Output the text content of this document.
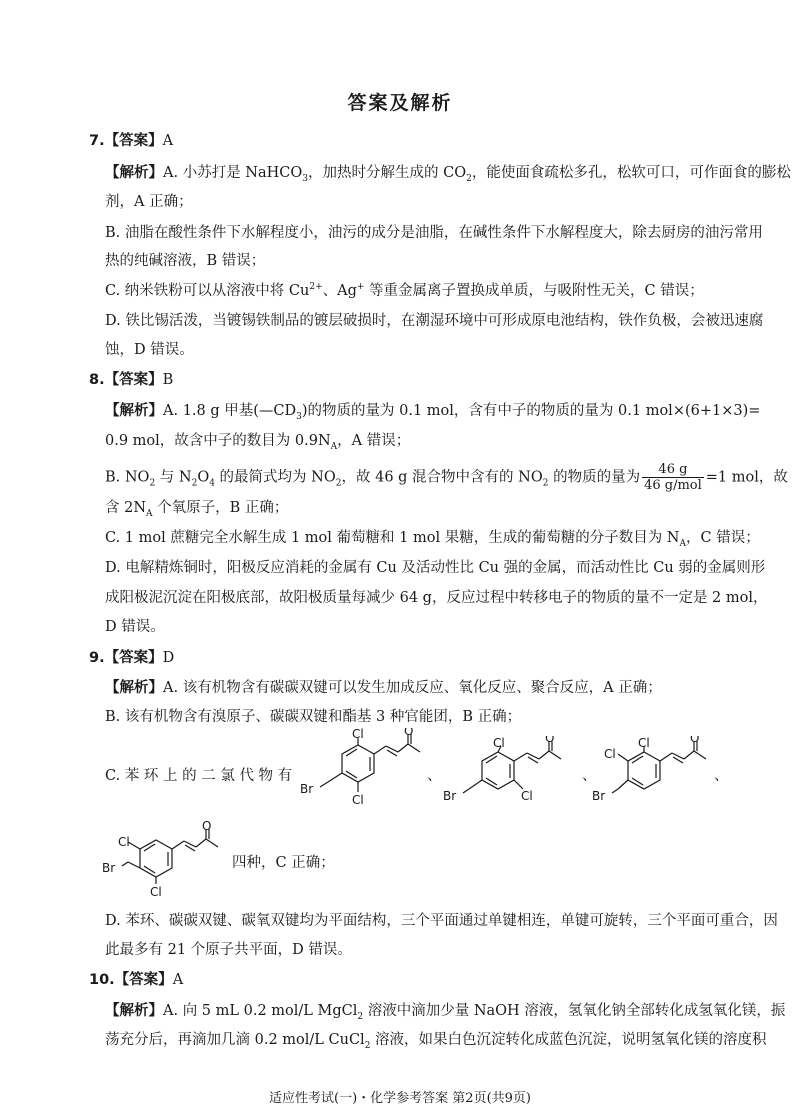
答案及解析
7.【答案】A
【解析】A. 小苏打是 NaHCO$_3$，加热时分解生成的 $CO_2$，能使面食疏松多孔，松软可口，可作面食的膨松
剂，A 正确；
B. 油脂在酸性条件下水解程度小，油污的成分是油脂，在碱性条件下水解程度大，除去厨房的油污常用
热的纯碱溶液，B 错误；
C. 纳米铁粉可以从溶液中将 $Cu^{2+}$、Ag+ 等重金属离子置换成单质，与吸附性无关，C 错误；
D. 铁比锡活泼，当镀锡铁制品的镀层破损时，在潮湿环境中可形成原电池结构，铁作负极，会被迅速腐
蚀，D 错误。
8.【答案】B
【解析】A. 1.8 g 甲基$(—CD_3)$的物质的量为 0.1 mol，含有中子的物质的量为 0.1 mol×(6+1×3)=
0.9 mol，故含中子的数目为 $0.9N_A$，A 错误；
B. $NO_2$ 与 $N_2O_4$ 的最简式均为 $NO_2$，故 46 g 混合物中含有的 $NO_2$ 的物质的量为 $\frac{46 g}{\text{46 g/mol}} =1$ mol，故
含 $2N_A$ 个氧原子，B 正确；
C. 1 mol 蔗糖完全水解生成 1 mol 葡萄糖和 1 mol 果糖，生成的葡萄糖的分子数目为 $N_A$，C 错误；
D. 电解精炼铜时，阳极反应消耗的金属有 Cu 及活动性比 Cu 强的金属，而活动性比 Cu 弱的金属则形
成阳极泥沉淀在阳极底部，故阳极质量每减少 64 g，反应过程中转移电子的物质的量不一定是 2 mol，
D 错误。
9.【答案】D
【解析】A. 该有机物含有碳碳双键可以发生加成反应、氧化反应、聚合反应，A 正确；
B. 该有机物含有溴原子、碳碳双键和酯基 3 种官能团，B 正确；
C. 苯 环 上 的 二 氯 代 物 有
Cl	O
Cl
Br
、
Cl	O
Cl
Br
、
Cl	O
Cl
Br
、
Cl
O
Cl
Br	四种，C 正确；
D. 苯环、碳碳双键、碳氧双键均为平面结构，三个平面通过单键相连，单键可旋转，三个平面可重合，因
此最多有 21 个原子共平面，D 错误。
10.【答案】A
【解析】A. 向 5 mL 0.2 mol/L MgCl$_2$ 溶液中滴加少量 NaOH 溶液，氢氧化钠全部转化成氢氧化镁，振
荡充分后，再滴加几滴 0.2 mol/L CuCl$_2$ 溶液，如果白色沉淀转化成蓝色沉淀，说明氢氧化镁的溶度积
适应性考试(一)・化学参考答案 第2页(共9页)
